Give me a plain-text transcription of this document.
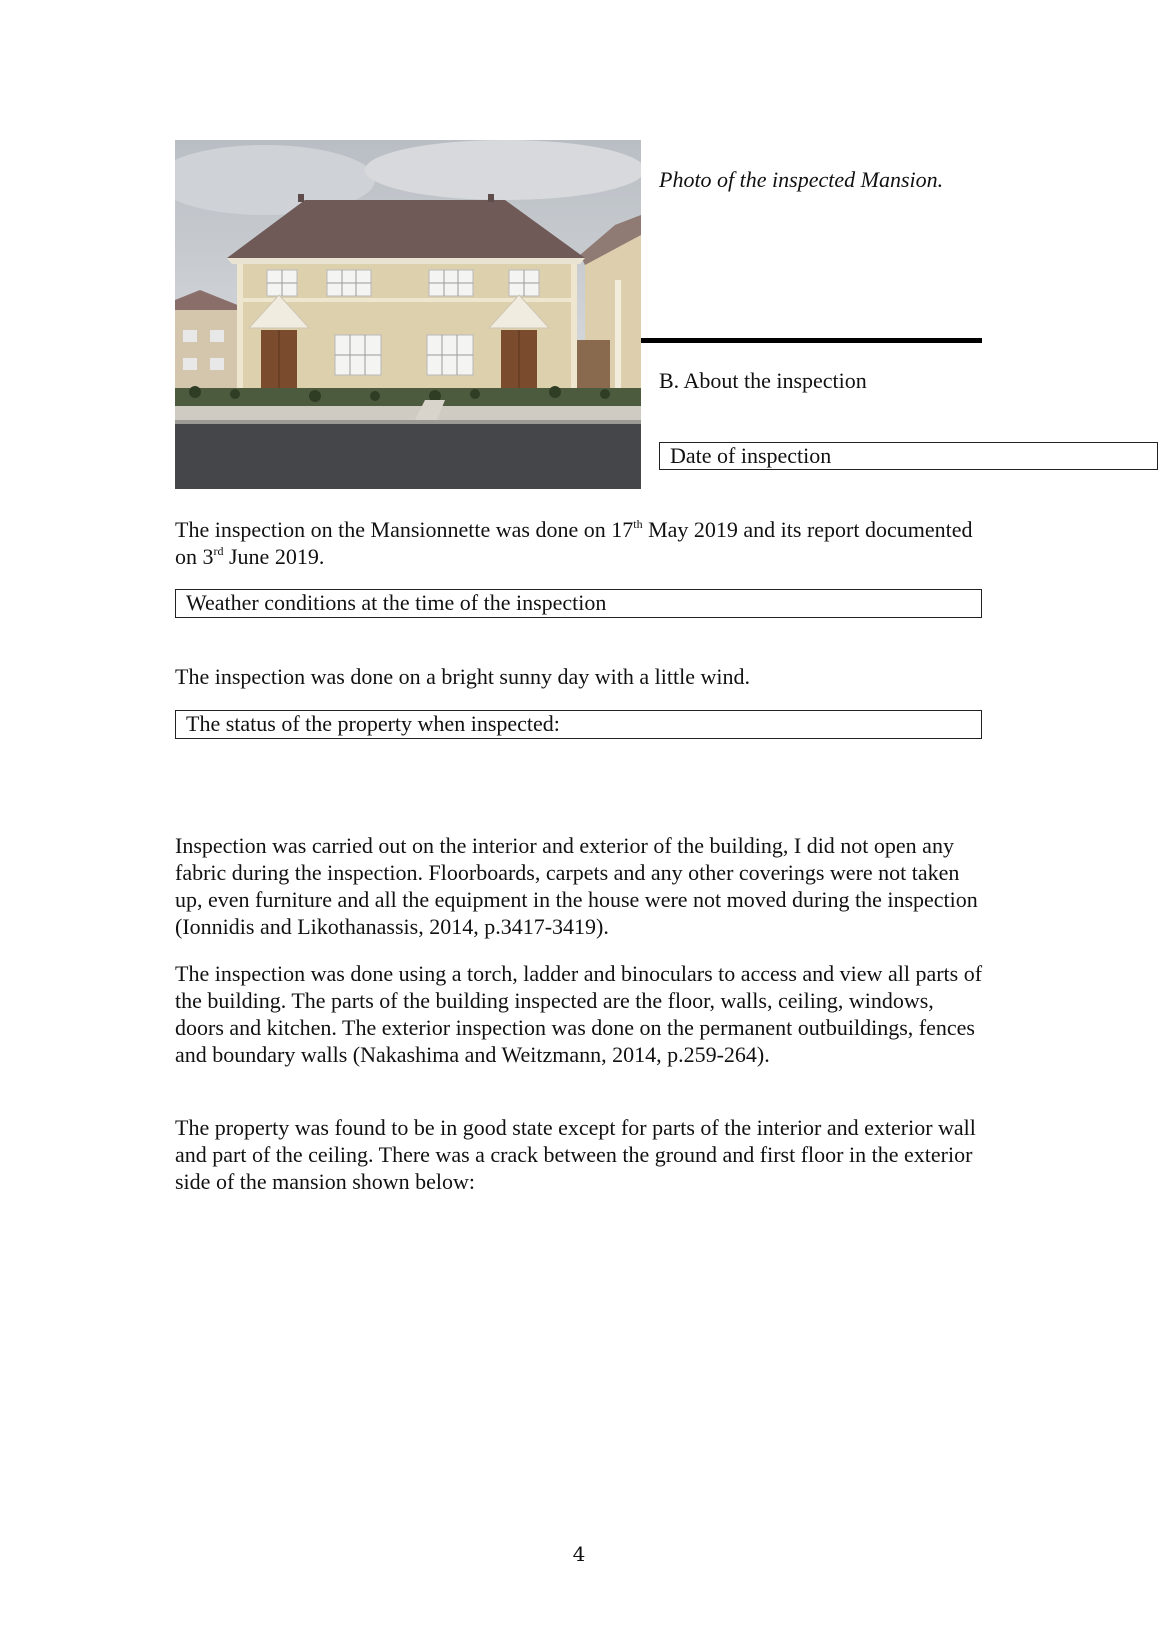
Photo of the inspected Mansion.
B. About the inspection
Date of inspection
The inspection on the Mansionnette was done on 17th May 2019 and its report documented on 3rd June 2019.
Weather conditions at the time of the inspection
The inspection was done on a bright sunny day with a little wind.
The status of the property when inspected:
Inspection was carried out on the interior and exterior of the building, I did not open any fabric during the inspection. Floorboards, carpets and any other coverings were not taken up, even furniture and all the equipment in the house were not moved during the inspection (Ionnidis and Likothanassis, 2014, p.3417-3419).
The inspection was done using a torch, ladder and binoculars to access and view all parts of the building. The parts of the building inspected are the floor, walls, ceiling, windows, doors and kitchen. The exterior inspection was done on the permanent outbuildings, fences and boundary walls (Nakashima and Weitzmann, 2014, p.259-264).
The property was found to be in good state except for parts of the interior and exterior wall and part of the ceiling. There was a crack between the ground and first floor in the exterior side of the mansion shown below:
4
